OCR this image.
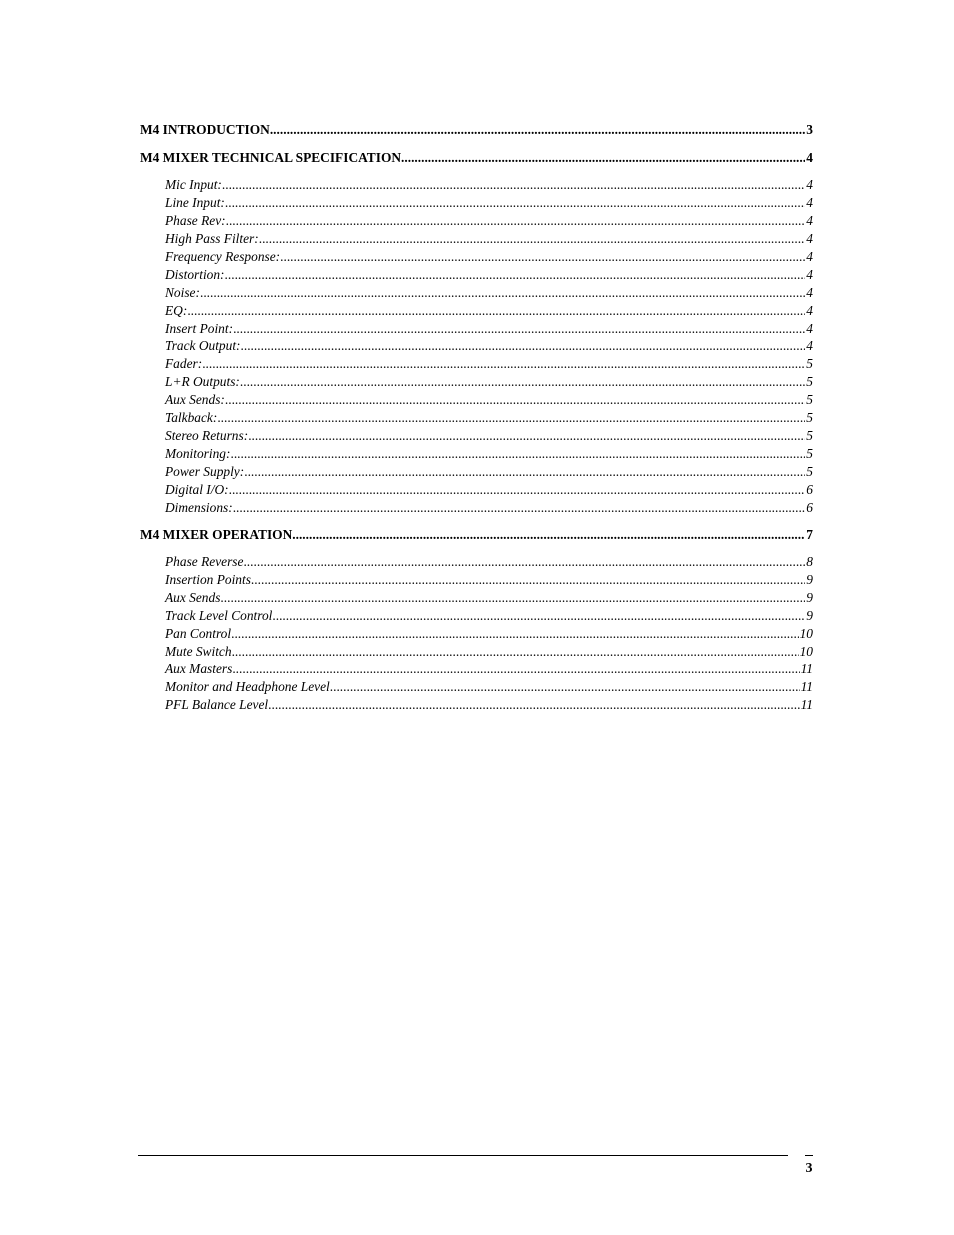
M4 INTRODUCTION .....	3
M4 MIXER TECHNICAL SPECIFICATION. .....	4
Mic Input: .....	4
Line Input: .....	4
Phase Rev: .....	4
High Pass Filter: .....	4
Frequency Response: .....	4
Distortion: .....	4
Noise: .....	4
EQ: .....	4
Insert Point: .....	4
Track Output: .....	4
Fader: .....	5
L+R Outputs: .....	5
Aux Sends: .....	5
Talkback: .....	5
Stereo Returns: .....	5
Monitoring: .....	5
Power Supply: .....	5
Digital I/O: .....	6
Dimensions: .....	6
M4 MIXER OPERATION .....	7
Phase Reverse .....	8
Insertion Points .....	9
Aux Sends .....	9
Track Level Control .....	9
Pan Control .....	10
Mute Switch .....	10
Aux Masters .....	11
Monitor and Headphone Level .....	11
PFL Balance Level .....	11
3
